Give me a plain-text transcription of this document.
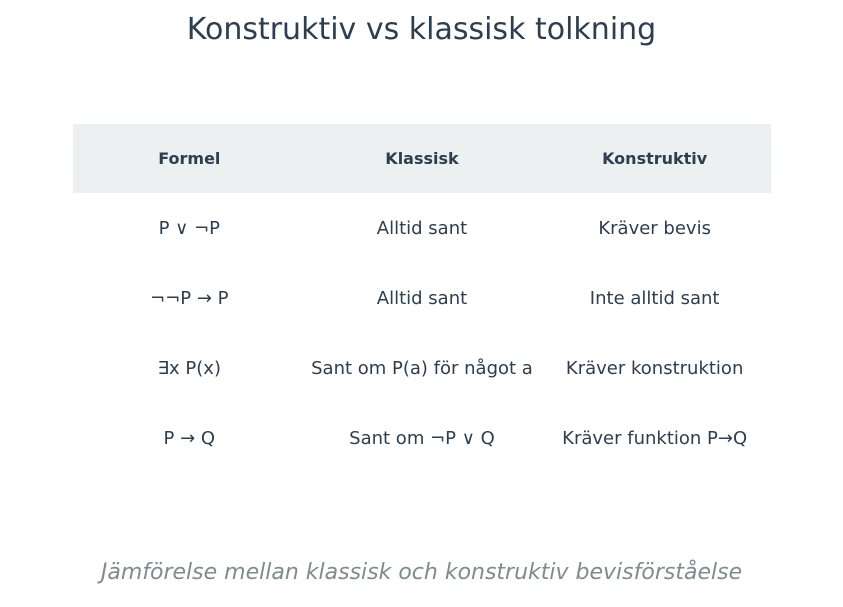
Konstruktiv vs klassisk tolkning
Formel	Klassisk	Konstruktiv
P ∨ ¬P	Alltid sant	Kräver bevis
¬¬P → P	Alltid sant	Inte alltid sant
∃x P(x)	Sant om P(a) för något a	Kräver konstruktion
P → Q	Sant om ¬P ∨ Q	Kräver funktion P→Q

Jämförelse mellan klassisk och konstruktiv bevisförståelse
